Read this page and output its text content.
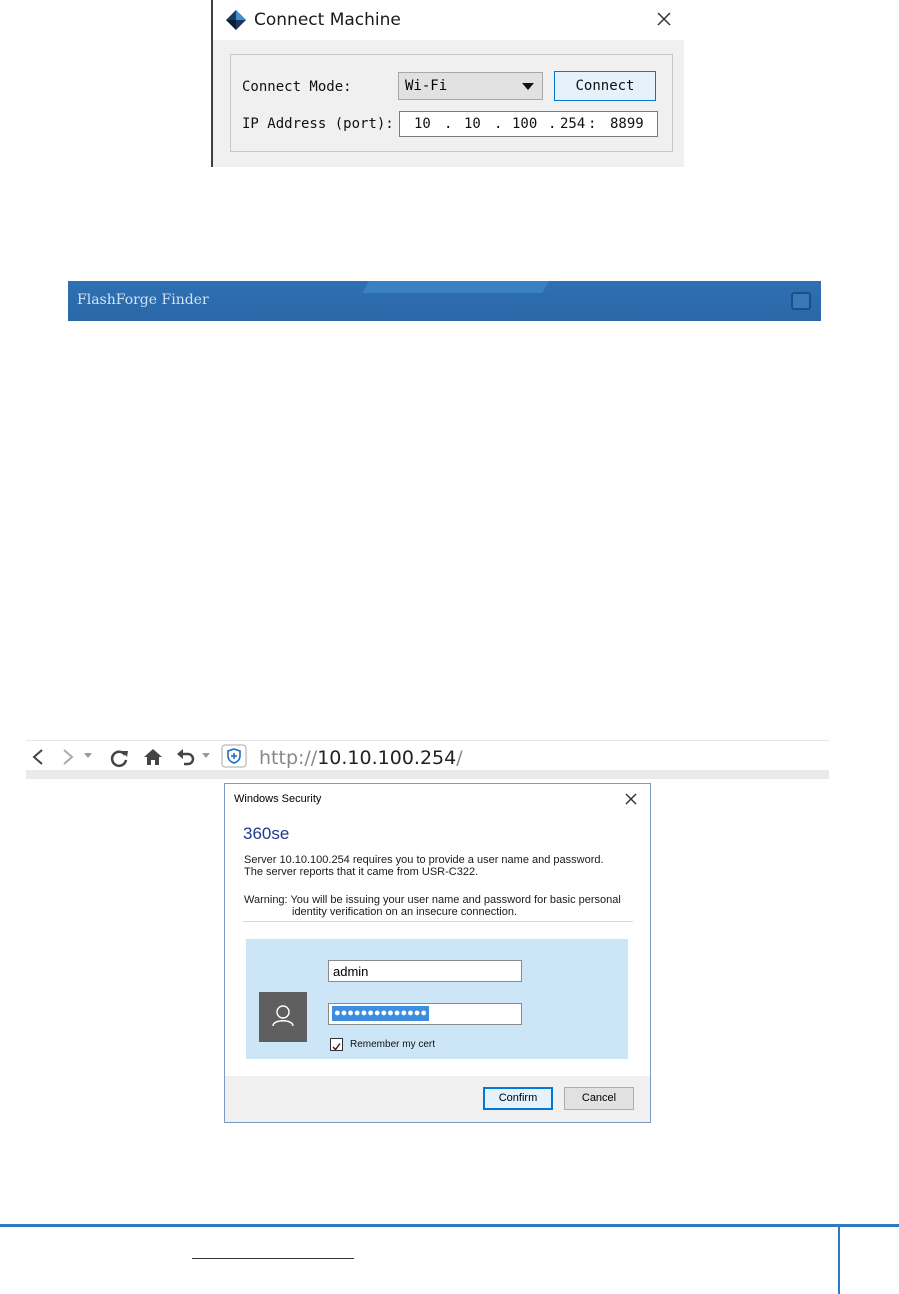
Connect Machine
Connect Mode:	Wi-Fi	Connect
IP Address (port): 10 . 10 . 100 . 254 : 8899
FlashForge Finder
http://10.10.100.254/
Windows Security
360se
Server 10.10.100.254 requires you to provide a user name and password.
The server reports that it came from USR-C322.
Warning: You will be issuing your user name and password for basic personal
identity verification on an insecure connection.
admin
●●●●●●●●●●●●●●
Remember my cert
Confirm	Cancel
